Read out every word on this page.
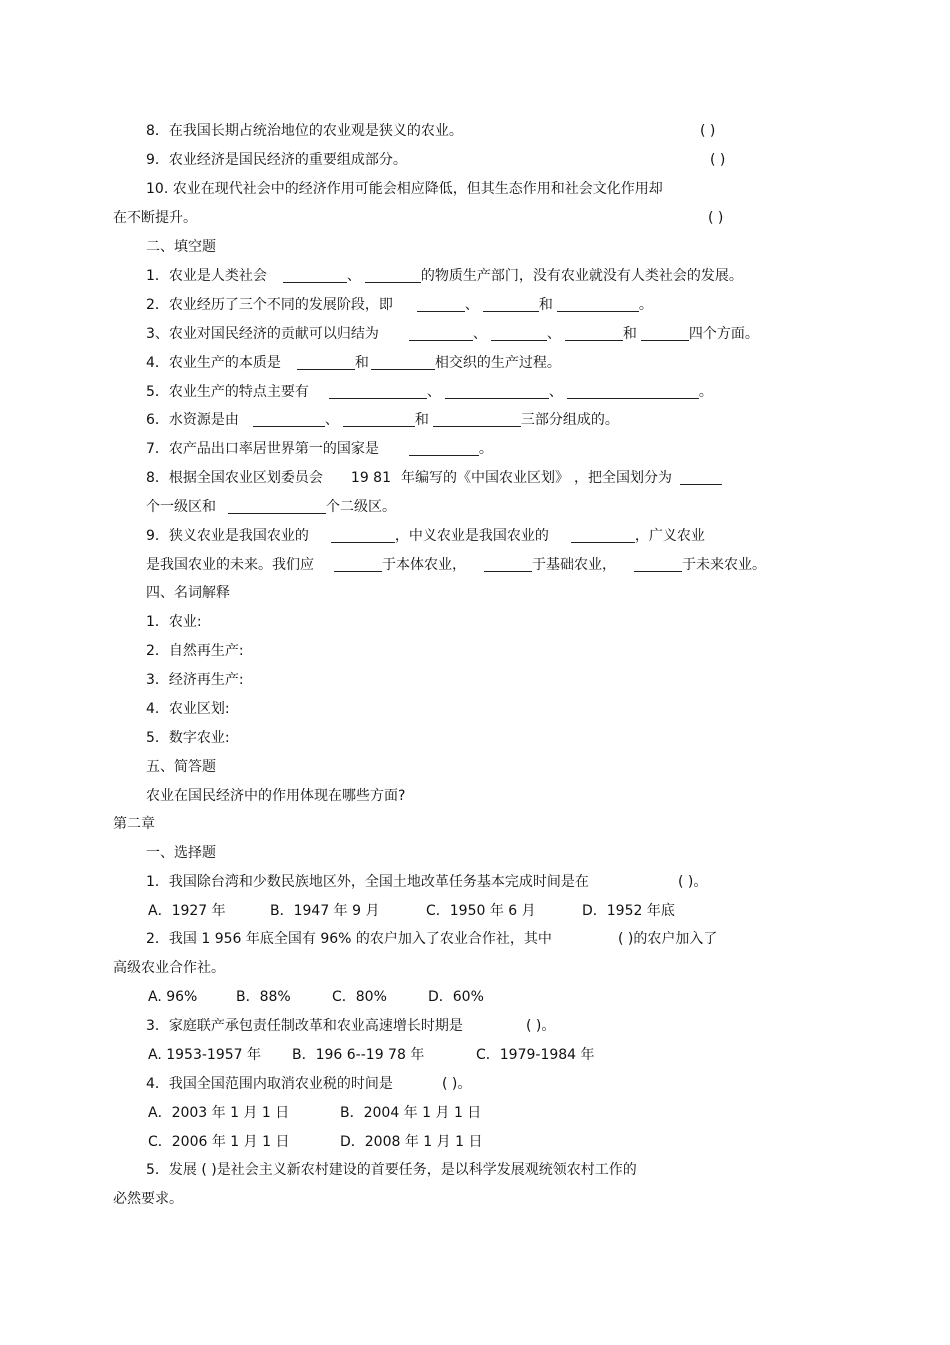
8．在我国长期占统治地位的农业观是狭义的农业。	( )
9．农业经济是国民经济的重要组成部分。	( )
10. 农业在现代社会中的经济作用可能会相应降低，但其生态作用和社会文化作用却
在不断提升。	( )
二、填空题
1．农业是人类社会	、	的物质生产部门，没有农业就没有人类社会的发展。
2．农业经历了三个不同的发展阶段，即	、	和	。
3、农业对国民经济的贡献可以归结为	、	、	和	四个方面。
4．农业生产的本质是	和	相交织的生产过程。
5．农业生产的特点主要有	、	、	。
6．水资源是由	、	和	三部分组成的。
7．农产品出口率居世界第一的国家是	。
8．根据全国农业区划委员会 19 81 年编写的《中国农业区划》 ，把全国划分为
个一级区和	个二级区。
9．狭义农业是我国农业的	，中义农业是我国农业的	，广义农业
是我国农业的未来。我们应	于本体农业，	于基础农业，	于未来农业。
四、名词解释
1．农业:
2．自然再生产:
3．经济再生产:
4．农业区划:
5．数字农业:
五、简答题
农业在国民经济中的作用体现在哪些方面?
第二章
一、选择题
1．我国除台湾和少数民族地区外，全国土地改革任务基本完成时间是在	( )。
A．1927 年	B．1947 年 9 月	C．1950 年 6 月	D．1952 年底
2．我国 1 956 年底全国有 96% 的农户加入了农业合作社，其中	( )的农户加入了
高级农业合作社。
A. 96%	B．88%	C．80%	D．60%
3．家庭联产承包责任制改革和农业高速增长时期是	( )。
A. 1953-1957 年 B．196 6--19 78 年	C．1979-1984 年
4．我国全国范围内取消农业税的时间是	( )。
A．2003 年 1 月 1 日	B．2004 年 1 月 1 日
C．2006 年 1 月 1 日	D．2008 年 1 月 1 日
5．发展 ( )是社会主义新农村建设的首要任务，是以科学发展观统领农村工作的
必然要求。
